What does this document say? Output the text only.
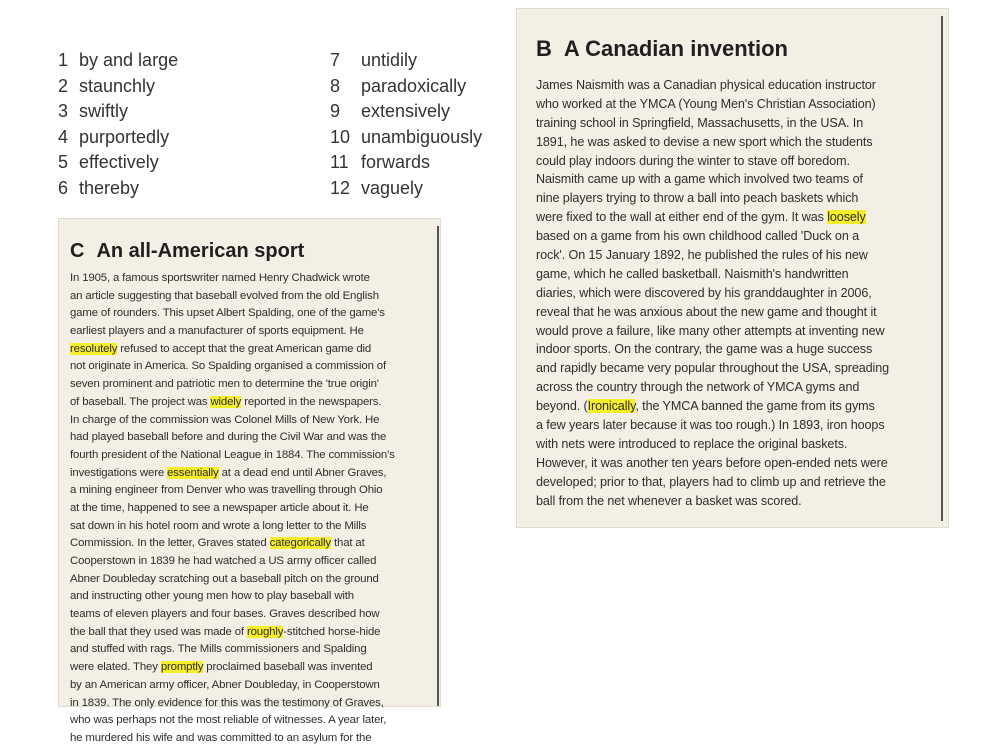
1 by and large
2 staunchly
3 swiftly
4 purportedly
5 effectively
6 thereby
7 untidily
8 paradoxically
9 extensively
10 unambiguously
11 forwards
12 vaguely
B A Canadian invention
James Naismith was a Canadian physical education instructor
who worked at the YMCA (Young Men's Christian Association)
training school in Springfield, Massachusetts, in the USA. In
1891, he was asked to devise a new sport which the students
could play indoors during the winter to stave off boredom.
Naismith came up with a game which involved two teams of
nine players trying to throw a ball into peach baskets which
were fixed to the wall at either end of the gym. It was loosely
based on a game from his own childhood called 'Duck on a
rock'. On 15 January 1892, he published the rules of his new
game, which he called basketball. Naismith's handwritten
diaries, which were discovered by his granddaughter in 2006,
reveal that he was anxious about the new game and thought it
would prove a failure, like many other attempts at inventing new
indoor sports. On the contrary, the game was a huge success
and rapidly became very popular throughout the USA, spreading
across the country through the network of YMCA gyms and
beyond. (Ironically, the YMCA banned the game from its gyms
a few years later because it was too rough.) In 1893, iron hoops
with nets were introduced to replace the original baskets.
However, it was another ten years before open-ended nets were
developed; prior to that, players had to climb up and retrieve the
ball from the net whenever a basket was scored.
C An all-American sport
In 1905, a famous sportswriter named Henry Chadwick wrote
an article suggesting that baseball evolved from the old English
game of rounders. This upset Albert Spalding, one of the game's
earliest players and a manufacturer of sports equipment. He
resolutely refused to accept that the great American game did
not originate in America. So Spalding organised a commission of
seven prominent and patriotic men to determine the 'true origin'
of baseball. The project was widely reported in the newspapers.
In charge of the commission was Colonel Mills of New York. He
had played baseball before and during the Civil War and was the
fourth president of the National League in 1884. The commission's
investigations were essentially at a dead end until Abner Graves,
a mining engineer from Denver who was travelling through Ohio
at the time, happened to see a newspaper article about it. He
sat down in his hotel room and wrote a long letter to the Mills
Commission. In the letter, Graves stated categorically that at
Cooperstown in 1839 he had watched a US army officer called
Abner Doubleday scratching out a baseball pitch on the ground
and instructing other young men how to play baseball with
teams of eleven players and four bases. Graves described how
the ball that they used was made of roughly-stitched horse-hide
and stuffed with rags. The Mills commissioners and Spalding
were elated. They promptly proclaimed baseball was invented
by an American army officer, Abner Doubleday, in Cooperstown
in 1839. The only evidence for this was the testimony of Graves,
who was perhaps not the most reliable of witnesses. A year later,
he murdered his wife and was committed to an asylum for the
